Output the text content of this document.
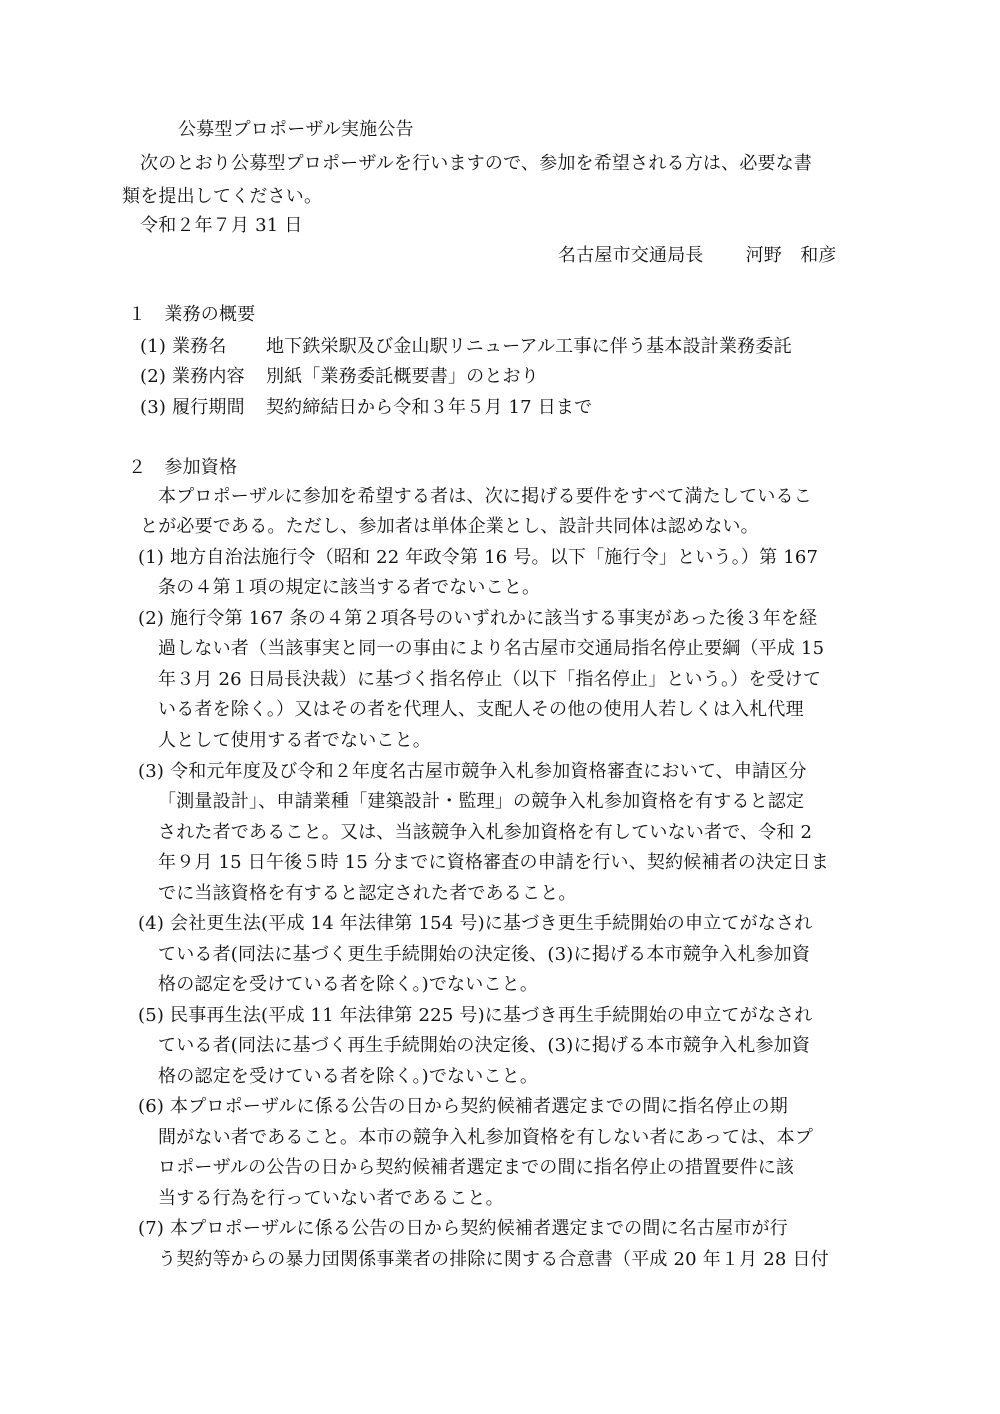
公募型プロポーザル実施公告
次のとおり公募型プロポーザルを行いますので、参加を希望される方は、必要な書
類を提出してください。
令和２年７月 31 日
名古屋市交通局長 河野　和彦
１　業務の概要
(1) 業務名 地下鉄栄駅及び金山駅リニューアル工事に伴う基本設計業務委託
(2) 業務内容 別紙「業務委託概要書」のとおり
(3) 履行期間 契約締結日から令和３年５月 17 日まで
２　参加資格
本プロポーザルに参加を希望する者は、次に掲げる要件をすべて満たしているこ
とが必要である。ただし、参加者は単体企業とし、設計共同体は認めない。
(1) 地方自治法施行令（昭和 22 年政令第 16 号。以下「施行令」という。）第 167
条の４第１項の規定に該当する者でないこと。
(2) 施行令第 167 条の４第２項各号のいずれかに該当する事実があった後３年を経
過しない者（当該事実と同一の事由により名古屋市交通局指名停止要綱（平成 15
年３月 26 日局長決裁）に基づく指名停止（以下「指名停止」という。）を受けて
いる者を除く。）又はその者を代理人、支配人その他の使用人若しくは入札代理
人として使用する者でないこと。
(3) 令和元年度及び令和２年度名古屋市競争入札参加資格審査において、申請区分
「測量設計」、申請業種「建築設計・監理」の競争入札参加資格を有すると認定
された者であること。又は、当該競争入札参加資格を有していない者で、令和 2
年９月 15 日午後５時 15 分までに資格審査の申請を行い、契約候補者の決定日ま
でに当該資格を有すると認定された者であること。
(4) 会社更生法(平成 14 年法律第 154 号)に基づき更生手続開始の申立てがなされ
ている者(同法に基づく更生手続開始の決定後、(3)に掲げる本市競争入札参加資
格の認定を受けている者を除く。)でないこと。
(5) 民事再生法(平成 11 年法律第 225 号)に基づき再生手続開始の申立てがなされ
ている者(同法に基づく再生手続開始の決定後、(3)に掲げる本市競争入札参加資
格の認定を受けている者を除く。)でないこと。
(6) 本プロポーザルに係る公告の日から契約候補者選定までの間に指名停止の期
間がない者であること。本市の競争入札参加資格を有しない者にあっては、本プ
ロポーザルの公告の日から契約候補者選定までの間に指名停止の措置要件に該
当する行為を行っていない者であること。
(7) 本プロポーザルに係る公告の日から契約候補者選定までの間に名古屋市が行
う契約等からの暴力団関係事業者の排除に関する合意書（平成 20 年１月 28 日付
